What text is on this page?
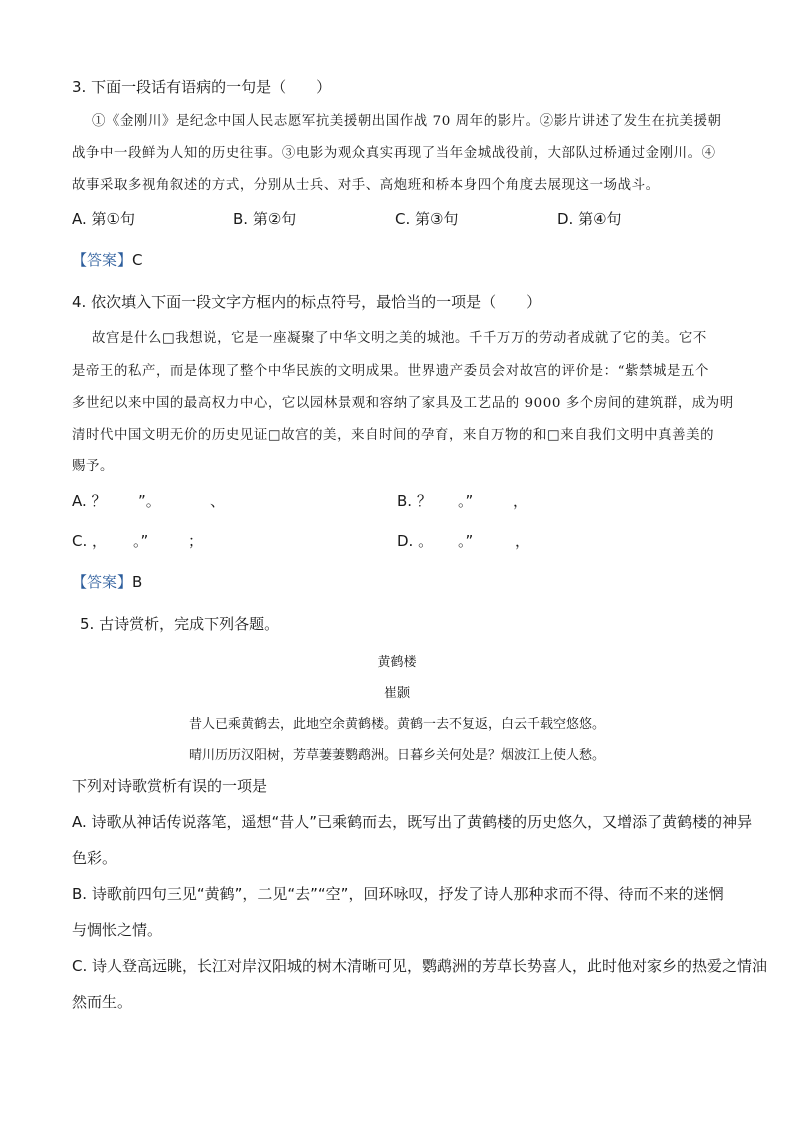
3. 下面一段话有语病的一句是（　　）
①《金刚川》是纪念中国人民志愿军抗美援朝出国作战 70 周年的影片。②影片讲述了发生在抗美援朝
战争中一段鲜为人知的历史往事。③电影为观众真实再现了当年金城战役前，大部队过桥通过金刚川。④
故事采取多视角叙述的方式，分别从士兵、对手、高炮班和桥本身四个角度去展现这一场战斗。
A. 第①句	B. 第②句	C. 第③句	D. 第④句
【答案】C
4. 依次填入下面一段文字方框内的标点符号，最恰当的一项是（　　）
故宫是什么□我想说，它是一座凝聚了中华文明之美的城池。千千万万的劳动者成就了它的美。它不
是帝王的私产，而是体现了整个中华民族的文明成果。世界遗产委员会对故宫的评价是：“紫禁城是五个
多世纪以来中国的最高权力中心，它以园林景观和容纳了家具及工艺品的 9000 多个房间的建筑群，成为明
清时代中国文明无价的历史见证□故宫的美，来自时间的孕育，来自万物的和□来自我们文明中真善美的
赐予。
A. ？ ”。	、	B. ？ 。”	，
C. ， 。”	；	D. 。 。”	，
【答案】B
5. 古诗赏析，完成下列各题。
黄鹤楼
崔颢
昔人已乘黄鹤去，此地空余黄鹤楼。黄鹤一去不复返，白云千载空悠悠。
晴川历历汉阳树，芳草萋萋鹦鹉洲。日暮乡关何处是？烟波江上使人愁。
下列对诗歌赏析有误的一项是
A. 诗歌从神话传说落笔，遥想“昔人”已乘鹤而去，既写出了黄鹤楼的历史悠久，又增添了黄鹤楼的神异
色彩。
B. 诗歌前四句三见“黄鹤”，二见“去”“空”，回环咏叹，抒发了诗人那种求而不得、待而不来的迷惘
与惆怅之情。
C. 诗人登高远眺，长江对岸汉阳城的树木清晰可见，鹦鹉洲的芳草长势喜人，此时他对家乡的热爱之情油
然而生。
